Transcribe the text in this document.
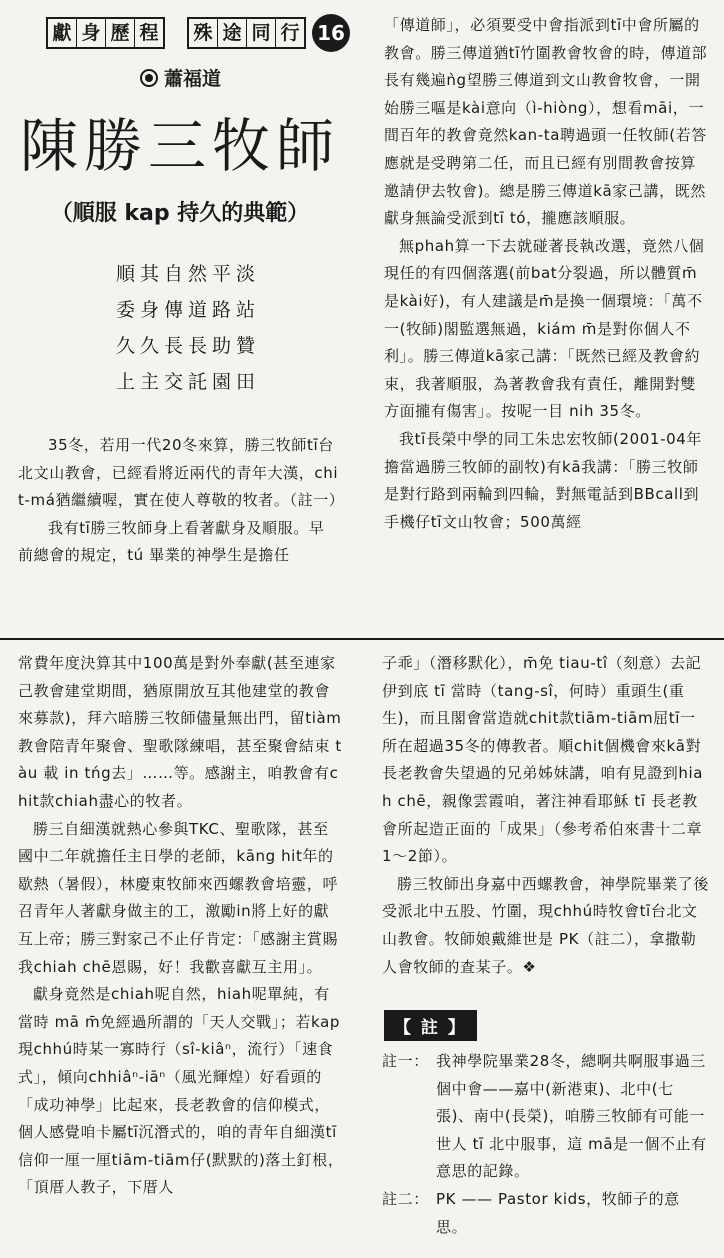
獻 身 歷 程 殊 途 同 行 16
蕭福道
陳勝三牧師
（順服 kap 持久的典範）
順其自然平淡
委身傳道路站
久久長長助贊
上主交託園田

35冬，若用一代20冬來算，勝三牧師tī台北文山教會，已經看將近兩代的青年大漢，chit-má猶繼續喔，實在使人尊敬的牧者。（註一）

我有tī勝三牧師身上看著獻身及順服。早前總會的規定，tú 畢業的神學生是擔任

「傳道師」，必須要受中會指派到tī中會所屬的教會。勝三傳道猶tī竹圍教會牧會的時，傳道部長有幾遍ǹg望勝三傳道到文山教會牧會，一開始勝三嘔是kài意向（ì-hiòng），想看māi，一間百年的教會竟然kan-ta聘過頭一任牧師(若答應就是受聘第二任，而且已經有別間教會按算邀請伊去牧會)。總是勝三傳道kā家己講，既然獻身無論受派到tī tó，攏應該順服。

無phah算一下去就碰著長執改選，竟然八個現任的有四個落選(前bat分裂過，所以體質m̄是kài好)，有人建議是m̄是換一個環境：「萬不一(牧師)閣監選無過，kiám m̄是對你個人不利」。勝三傳道kā家己講：「既然已經及教會約束，我著順服，為著教會我有責任，離開對雙方面攏有傷害」。按呢一目 nih 35冬。

我tī長榮中學的同工朱忠宏牧師(2001-04年擔當過勝三牧師的副牧)有kā我講：「勝三牧師是對行路到兩輪到四輪，對無電話到BBcall到手機仔tī文山牧會；500萬經

常費年度決算其中100萬是對外奉獻(甚至連家己教會建堂期間，猶原開放互其他建堂的教會來募款)，拜六暗勝三牧師儘量無出門，留tiàm教會陪青年聚會、聖歌隊練唱，甚至聚會結束 tàu 載 in tńg去」……等。感謝主，咱教會有chit款chiah盡心的牧者。

勝三自細漢就熱心參與TKC、聖歌隊，甚至國中二年就擔任主日學的老師，kāng hit年的歇熱（暑假），林慶東牧師來西螺教會培靈，呼召青年人著獻身做主的工，激勵in將上好的獻互上帝；勝三對家己不止仔肯定：「感謝主賞賜我chiah chē恩賜，好！我歡喜獻互主用」。

獻身竟然是chiah呢自然，hiah呢單純，有當時 mā m̄免經過所謂的「天人交戰」；若kap現chhú時某一寡時行（sî-kiâⁿ，流行）「速食式」，傾向chhiâⁿ-iāⁿ（風光輝煌）好看頭的「成功神學」比起來，長老教會的信仰模式，個人感覺咱卡屬tī沉潛式的，咱的青年自細漢tī信仰一厘一厘tiām-tiām仔(默默的)落土釘根，「頂厝人教子，下厝人

子乖」（潛移默化），m̄免 tiau-tî（刻意）去記伊到底 tī 當時（tang-sî，何時）重頭生(重生)，而且閣會當造就chit款tiām-tiām屈tī一所在超過35冬的傳教者。順chit個機會來kā對長老教會失望過的兄弟姊妹講，咱有見證到hiah chē，親像雲霞咱，著注神看耶穌 tī 長老教會所起造正面的「成果」（參考希伯來書十二章 1～2節）。

勝三牧師出身嘉中西螺教會，神學院畢業了後受派北中五股、竹圍，現chhú時牧會tī台北文山教會。牧師娘戴維世是 PK（註二），拿撒勒人會牧師的查某子。❖

【 註 】
註一： 我神學院畢業28冬，總啊共啊服事過三個中會——嘉中(新港東)、北中(七張)、南中(長榮)，咱勝三牧師有可能一世人 tī 北中服事，這 mā是一個不止有意思的記錄。
註二： PK —— Pastor kids，牧師子的意思。
